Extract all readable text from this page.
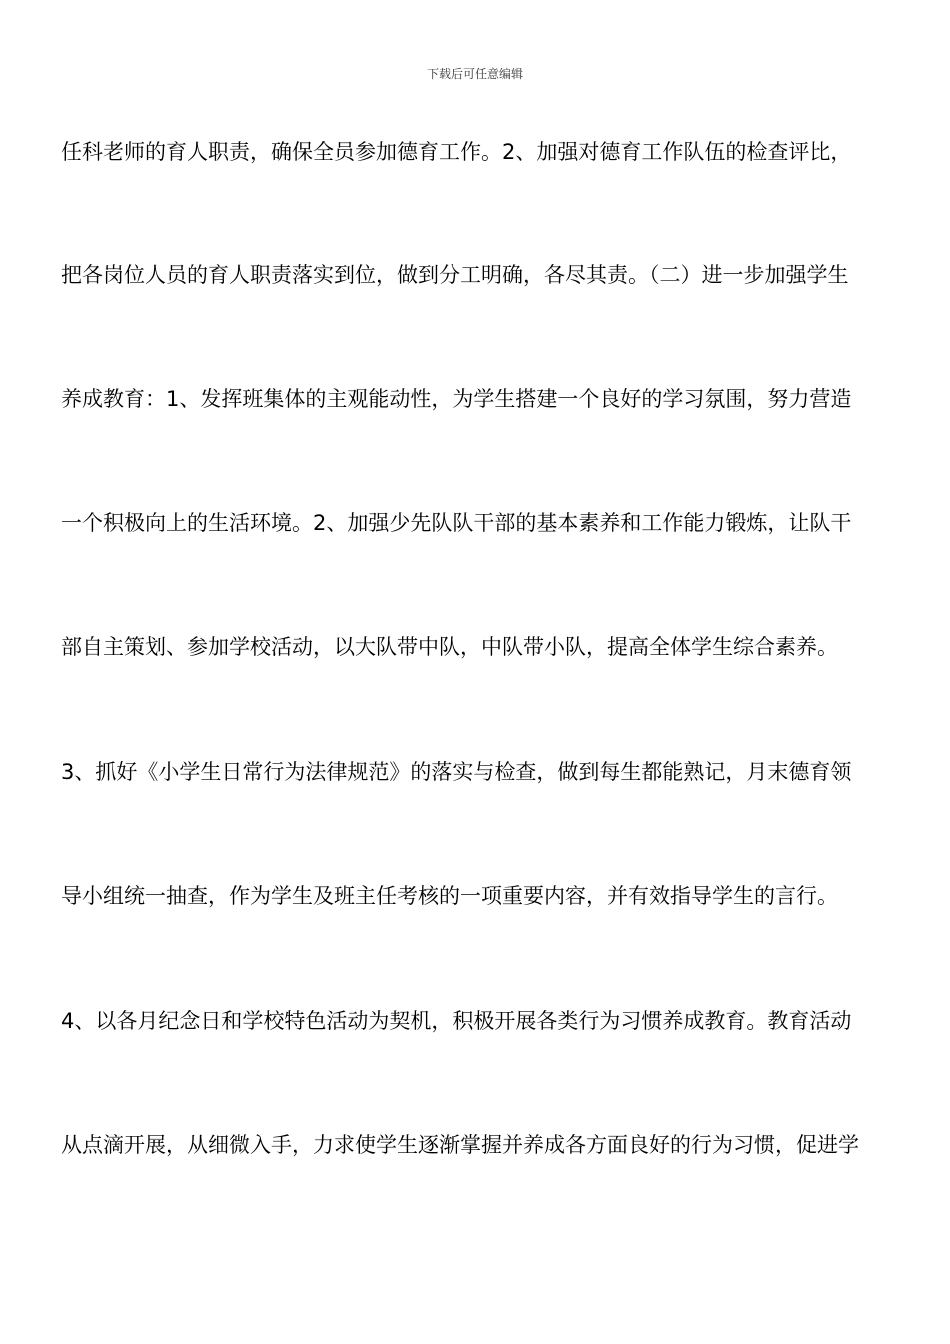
下载后可任意编辑
任科老师的育人职责，确保全员参加德育工作。2、加强对德育工作队伍的检查评比，
把各岗位人员的育人职责落实到位，做到分工明确，各尽其责。（二）进一步加强学生
养成教育：1、发挥班集体的主观能动性，为学生搭建一个良好的学习氛围，努力营造
一个积极向上的生活环境。2、加强少先队队干部的基本素养和工作能力锻炼，让队干
部自主策划、参加学校活动，以大队带中队，中队带小队，提高全体学生综合素养。
3、抓好《小学生日常行为法律规范》的落实与检查，做到每生都能熟记，月末德育领
导小组统一抽查，作为学生及班主任考核的一项重要内容，并有效指导学生的言行。
4、以各月纪念日和学校特色活动为契机，积极开展各类行为习惯养成教育。教育活动
从点滴开展，从细微入手，力求使学生逐渐掌握并养成各方面良好的行为习惯，促进学
